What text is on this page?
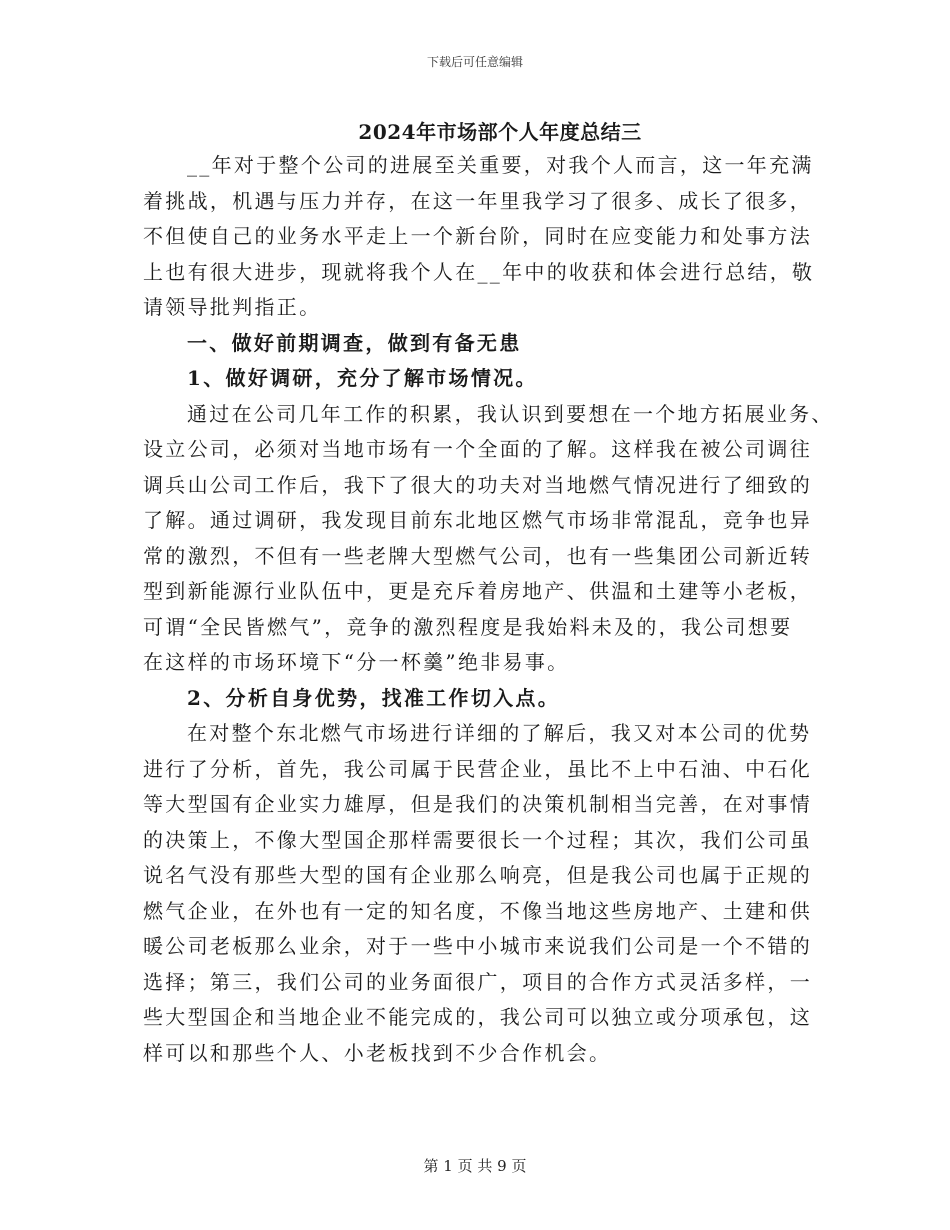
下载后可任意编辑
2024年市场部个人年度总结三
__年对于整个公司的进展至关重要，对我个人而言，这一年充满
着挑战，机遇与压力并存，在这一年里我学习了很多、成长了很多，
不但使自己的业务水平走上一个新台阶，同时在应变能力和处事方法
上也有很大进步，现就将我个人在__年中的收获和体会进行总结，敬
请领导批判指正。
一、做好前期调查，做到有备无患
1、做好调研，充分了解市场情况。
通过在公司几年工作的积累，我认识到要想在一个地方拓展业务、
设立公司，必须对当地市场有一个全面的了解。这样我在被公司调往
调兵山公司工作后，我下了很大的功夫对当地燃气情况进行了细致的
了解。通过调研，我发现目前东北地区燃气市场非常混乱，竞争也异
常的激烈，不但有一些老牌大型燃气公司，也有一些集团公司新近转
型到新能源行业队伍中，更是充斥着房地产、供温和土建等小老板，
可谓“全民皆燃气”，竞争的激烈程度是我始料未及的，我公司想要
在这样的市场环境下“分一杯羹”绝非易事。
2、分析自身优势，找准工作切入点。
在对整个东北燃气市场进行详细的了解后，我又对本公司的优势
进行了分析，首先，我公司属于民营企业，虽比不上中石油、中石化
等大型国有企业实力雄厚，但是我们的决策机制相当完善，在对事情
的决策上，不像大型国企那样需要很长一个过程；其次，我们公司虽
说名气没有那些大型的国有企业那么响亮，但是我公司也属于正规的
燃气企业，在外也有一定的知名度，不像当地这些房地产、土建和供
暖公司老板那么业余，对于一些中小城市来说我们公司是一个不错的
选择；第三，我们公司的业务面很广，项目的合作方式灵活多样，一
些大型国企和当地企业不能完成的，我公司可以独立或分项承包，这
样可以和那些个人、小老板找到不少合作机会。
第 1 页 共 9 页
